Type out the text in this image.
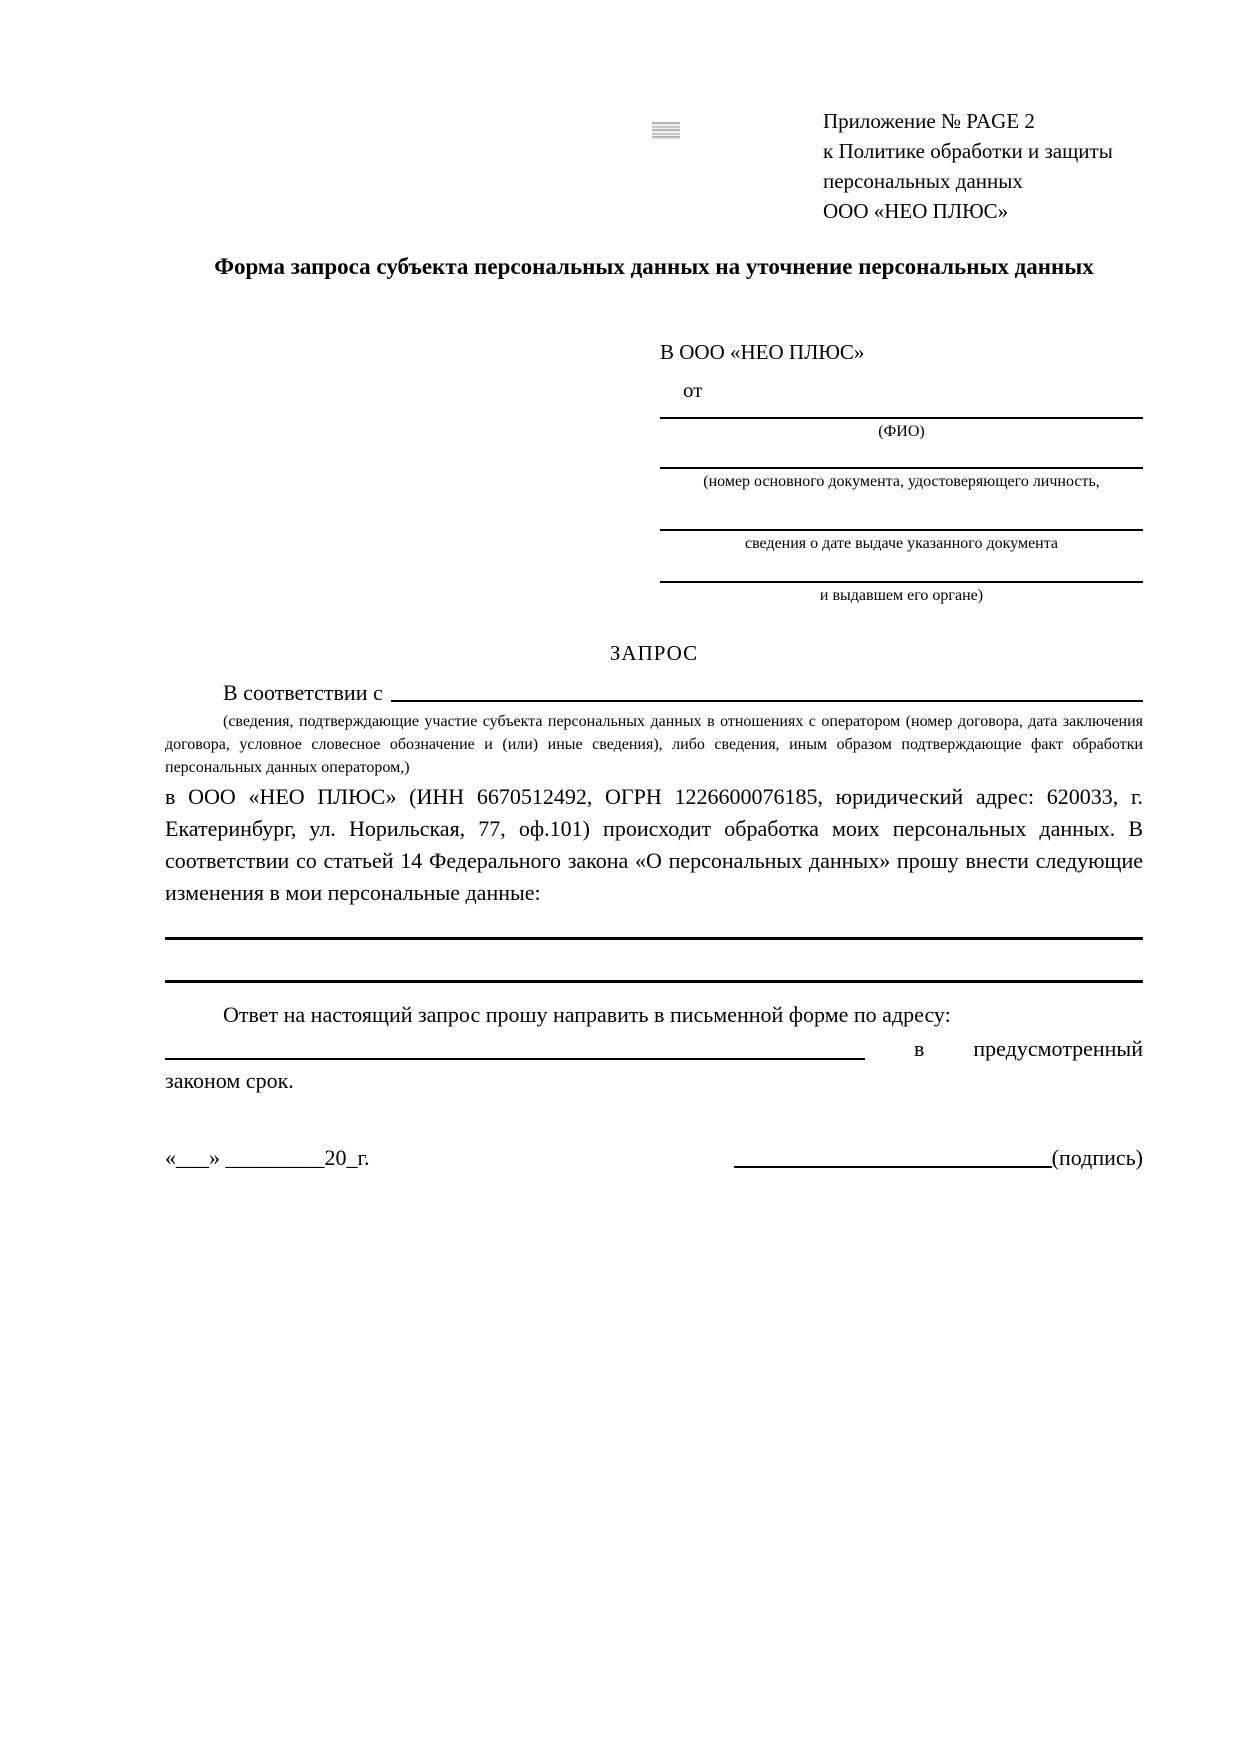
Приложение № PAGE 2
к Политике обработки и защиты
персональных данных
ООО «НЕО ПЛЮС»
Форма запроса субъекта персональных данных на уточнение персональных данных
В ООО «НЕО ПЛЮС»
от
(ФИО)
(номер основного документа, удостоверяющего личность,
сведения о дате выдаче указанного документа
и выдавшем его органе)
ЗАПРОС
В соответствии с
(сведения, подтверждающие участие субъекта персональных данных в отношениях с оператором (номер договора, дата заключения договора, условное словесное обозначение и (или) иные сведения), либо сведения, иным образом подтверждающие факт обработки персональных данных оператором,)
в ООО «НЕО ПЛЮС» (ИНН 6670512492, ОГРН 1226600076185, юридический адрес: 620033, г. Екатеринбург, ул. Норильская, 77, оф.101) происходит обработка моих персональных данных. В соответствии со статьей 14 Федерального закона «О персональных данных» прошу внести следующие изменения в мои персональные данные:
Ответ на настоящий запрос прошу направить в письменной форме по адресу:
в предусмотренный
законом срок.
«___» _________20_г.	(подпись)
